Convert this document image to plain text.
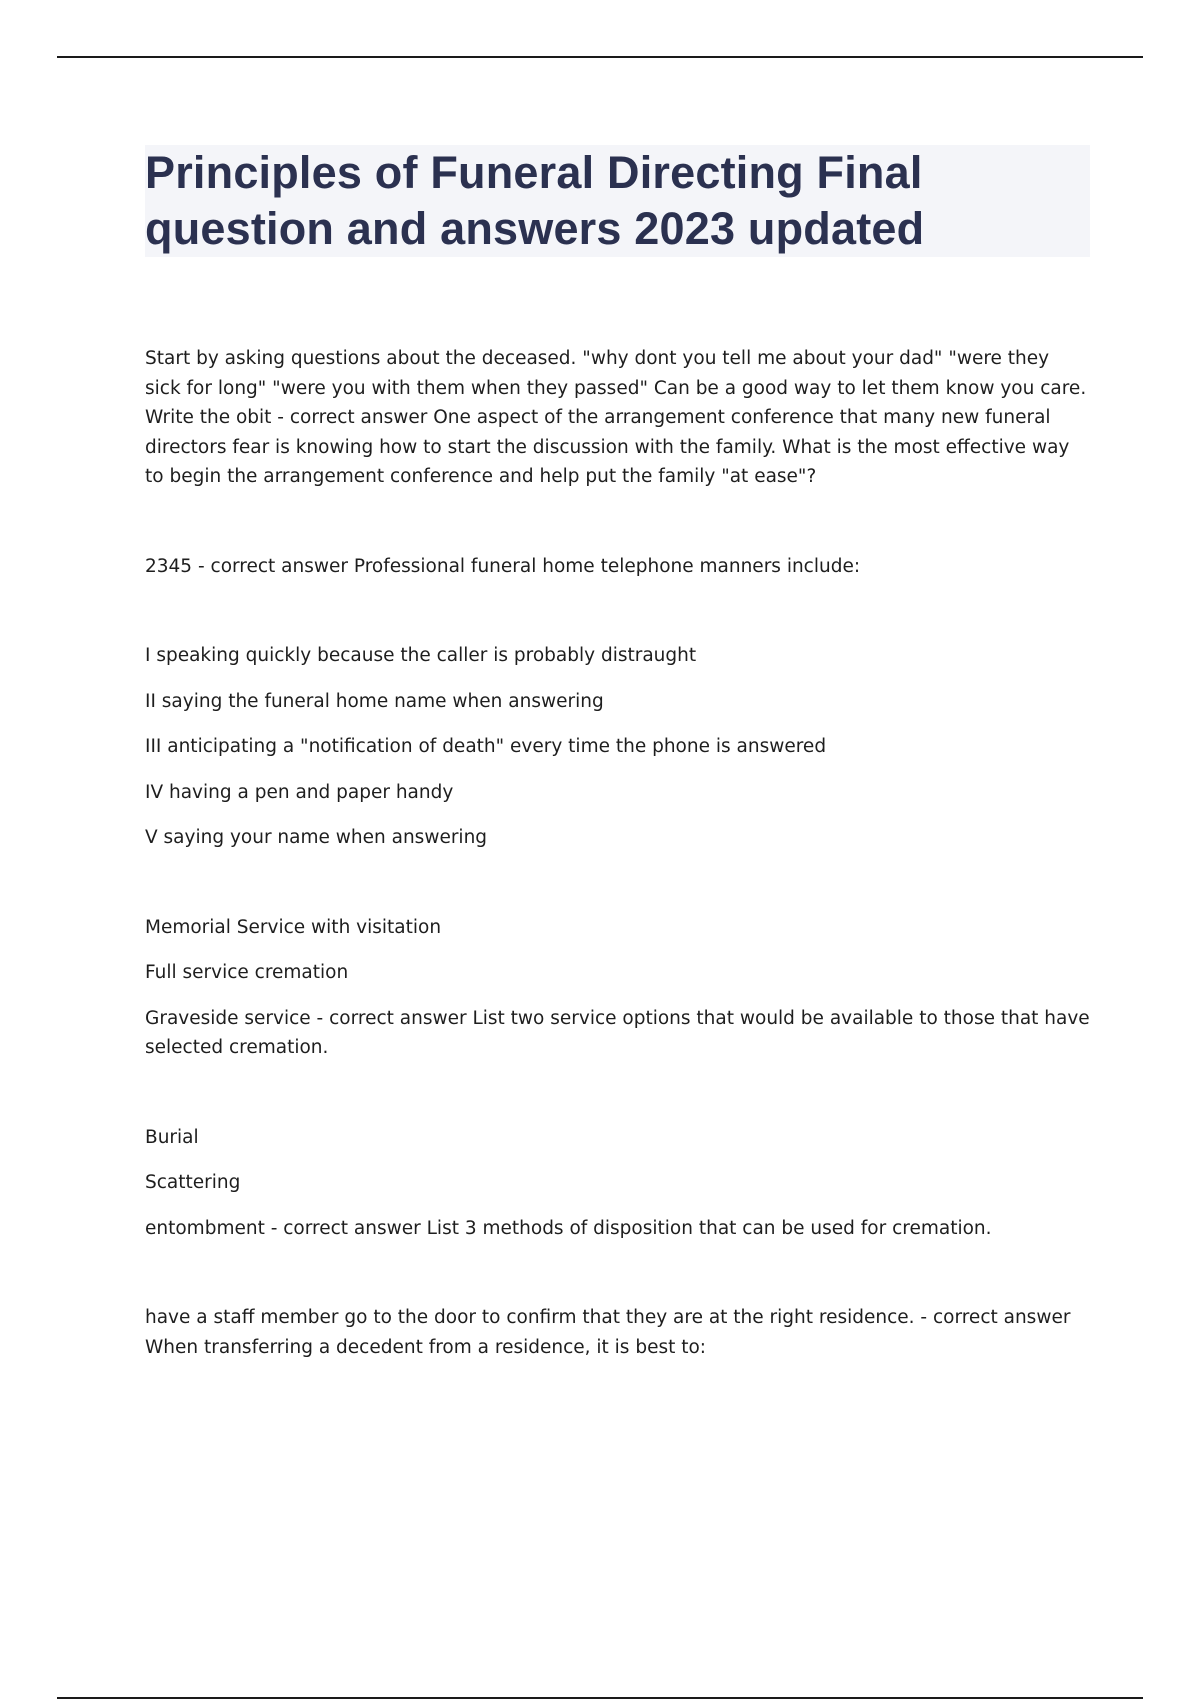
Principles of Funeral Directing Final
question and answers 2023 updated

Start by asking questions about the deceased. "why dont you tell me about your dad" "were they sick for long" "were you with them when they passed" Can be a good way to let them know you care. Write the obit - correct answer One aspect of the arrangement conference that many new funeral directors fear is knowing how to start the discussion with the family. What is the most effective way to begin the arrangement conference and help put the family "at ease"?

2345 - correct answer Professional funeral home telephone manners include:

I speaking quickly because the caller is probably distraught

II saying the funeral home name when answering

III anticipating a "notification of death" every time the phone is answered

IV having a pen and paper handy

V saying your name when answering

Memorial Service with visitation

Full service cremation

Graveside service - correct answer List two service options that would be available to those that have selected cremation.

Burial

Scattering

entombment - correct answer List 3 methods of disposition that can be used for cremation.

have a staff member go to the door to confirm that they are at the right residence. - correct answer When transferring a decedent from a residence, it is best to:
